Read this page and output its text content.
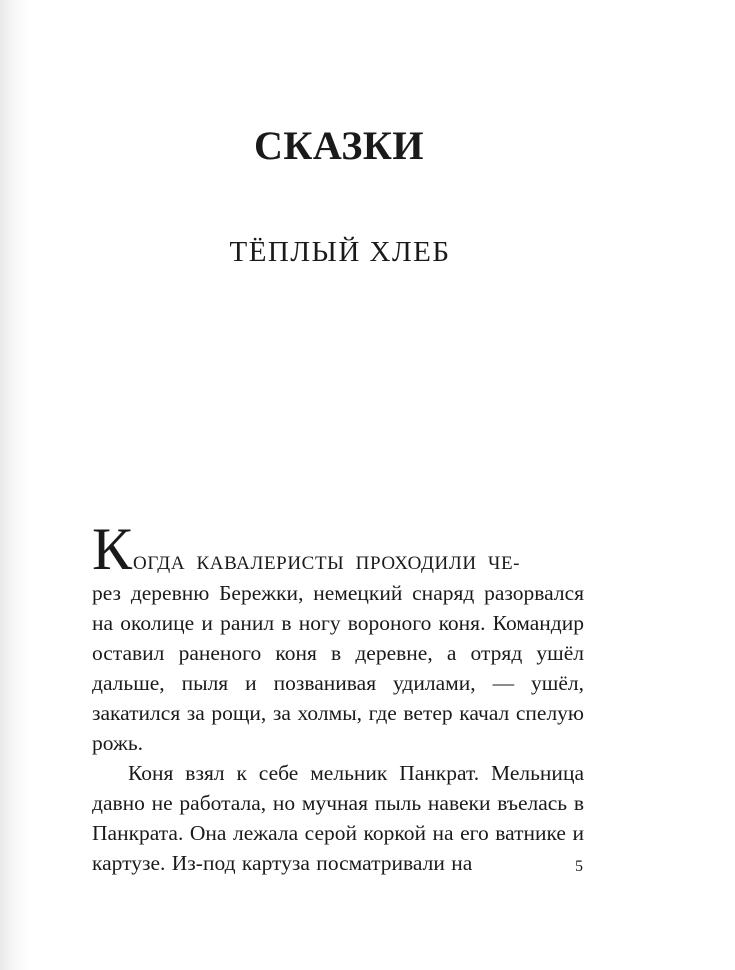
СКАЗКИ
ТЁПЛЫЙ ХЛЕБ
К ОГДА КАВАЛЕРИСТЫ ПРОХОДИЛИ ЧЕ-

рез деревню Бережки, немецкий снаряд разорвался на околице и ранил в ногу вороного коня. Командир оставил раненого коня в деревне, а отряд ушёл дальше, пыля и позванивая удилами, — ушёл, закатился за рощи, за холмы, где ветер качал спелую рожь.

Коня взял к себе мельник Панкрат. Мельница давно не работала, но мучная пыль навеки въелась в Панкрата. Она лежала серой коркой на его ватнике и картузе. Из-под картуза посматривали на	5
